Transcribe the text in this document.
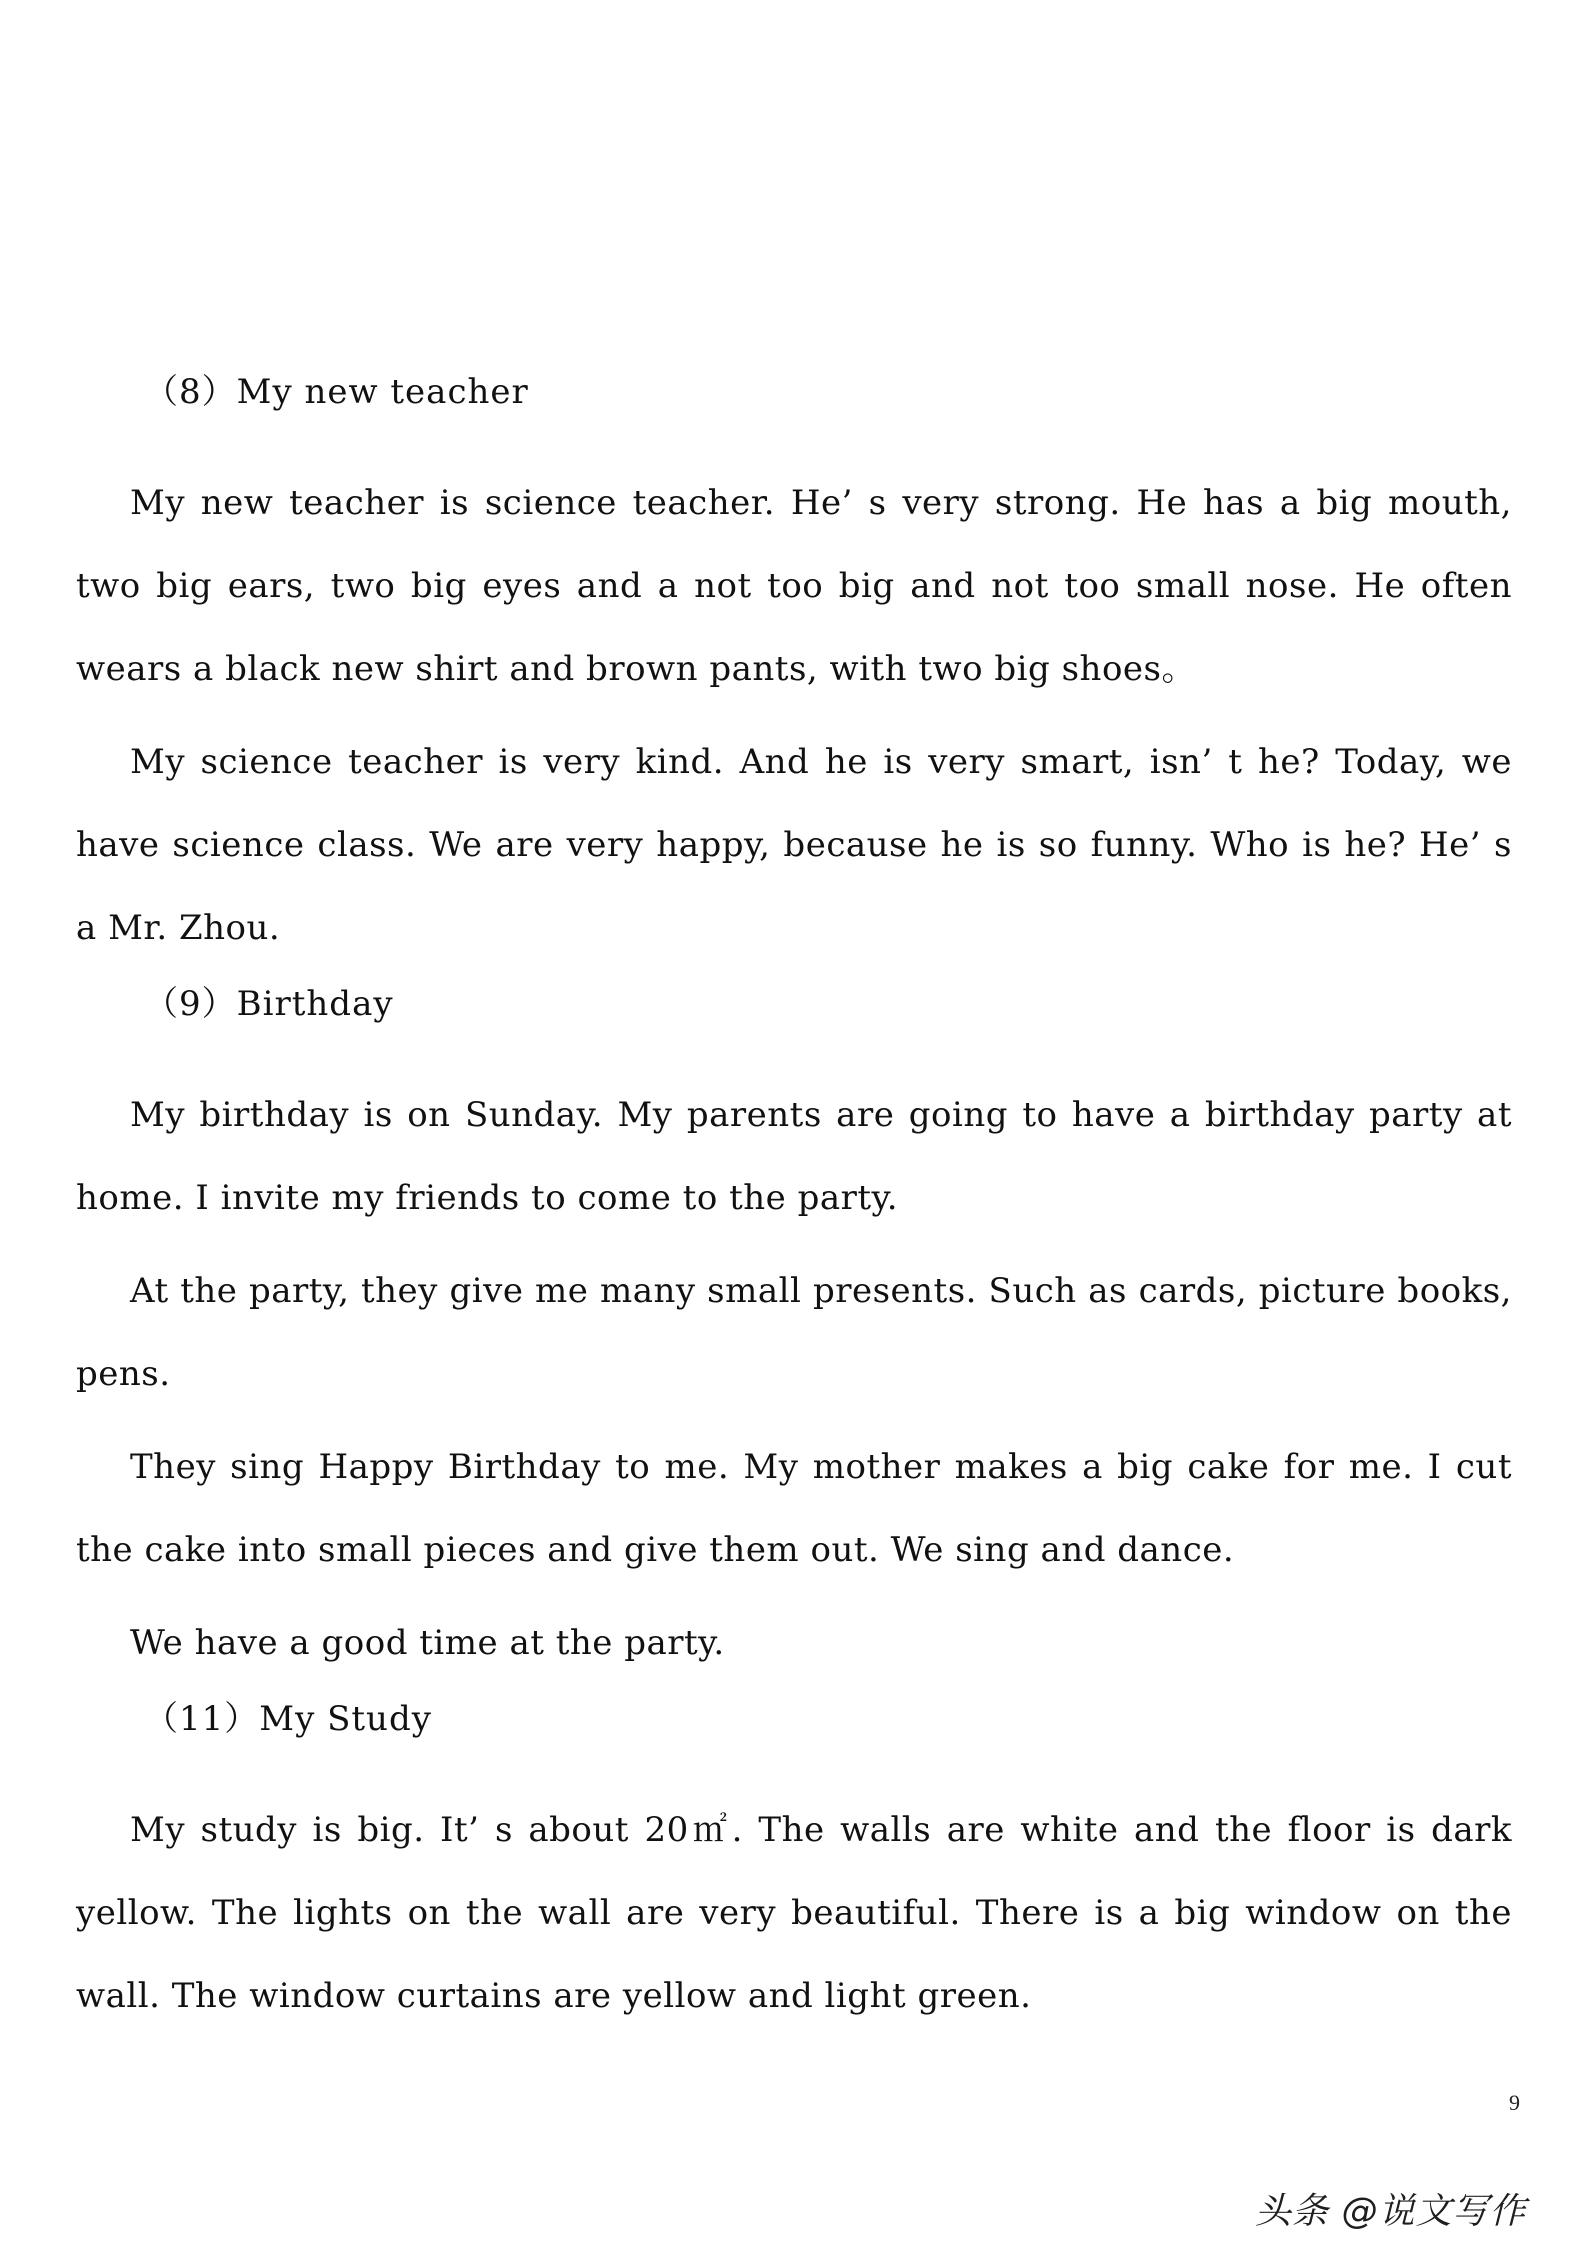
（8）My new teacher

My new teacher is science teacher. He’ s very strong. He has a big mouth, two big ears, two big eyes and a not too big and not too small nose. He often wears a black new shirt and brown pants, with two big shoes。

My science teacher is very kind. And he is very smart, isn’ t he? Today, we have science class. We are very happy, because he is so funny. Who is he? He’ s a Mr. Zhou.

（9）Birthday

My birthday is on Sunday. My parents are going to have a birthday party at home. I invite my friends to come to the party.

At the party, they give me many small presents. Such as cards, picture books, pens.

They sing Happy Birthday to me. My mother makes a big cake for me. I cut the cake into small pieces and give them out. We sing and dance.

We have a good time at the party.

（11）My Study

My study is big. It’ s about 20㎡. The walls are white and the floor is dark yellow. The lights on the wall are very beautiful. There is a big window on the wall. The window curtains are yellow and light green.

9
头条 @说文写作
